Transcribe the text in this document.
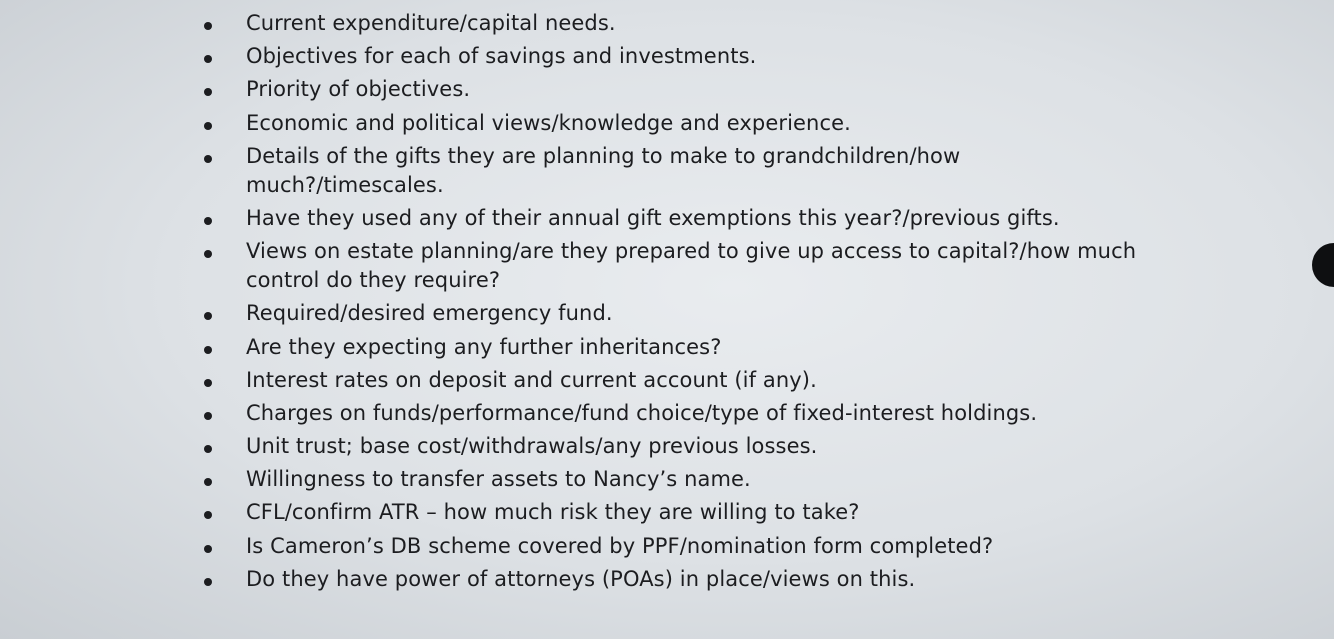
Current expenditure/capital needs.
Objectives for each of savings and investments.
Priority of objectives.
Economic and political views/knowledge and experience.
Details of the gifts they are planning to make to grandchildren/how
much?/timescales.
Have they used any of their annual gift exemptions this year?/previous gifts.
Views on estate planning/are they prepared to give up access to capital?/how much
control do they require?
Required/desired emergency fund.
Are they expecting any further inheritances?
Interest rates on deposit and current account (if any).
Charges on funds/performance/fund choice/type of fixed-interest holdings.
Unit trust; base cost/withdrawals/any previous losses.
Willingness to transfer assets to Nancy’s name.
CFL/confirm ATR – how much risk they are willing to take?
Is Cameron’s DB scheme covered by PPF/nomination form completed?
Do they have power of attorneys (POAs) in place/views on this.
